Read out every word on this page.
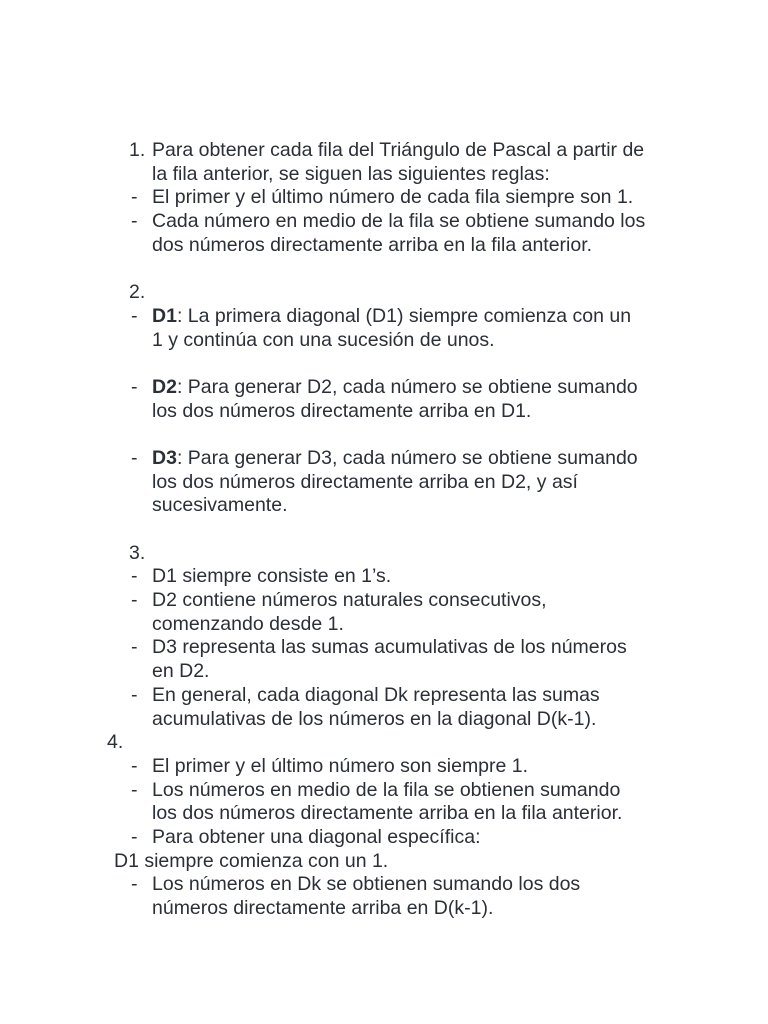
1. Para obtener cada fila del Triángulo de Pascal a partir de
la fila anterior, se siguen las siguientes reglas:
- El primer y el último número de cada fila siempre son 1.
- Cada número en medio de la fila se obtiene sumando los
dos números directamente arriba en la fila anterior.
2.
- D1: La primera diagonal (D1) siempre comienza con un
1 y continúa con una sucesión de unos.
- D2: Para generar D2, cada número se obtiene sumando
los dos números directamente arriba en D1.
- D3: Para generar D3, cada número se obtiene sumando
los dos números directamente arriba en D2, y así
sucesivamente.
3.
- D1 siempre consiste en 1’s.
- D2 contiene números naturales consecutivos,
comenzando desde 1.
- D3 representa las sumas acumulativas de los números
en D2.
- En general, cada diagonal Dk representa las sumas
acumulativas de los números en la diagonal D(k-1).
4.
- El primer y el último número son siempre 1.
- Los números en medio de la fila se obtienen sumando
los dos números directamente arriba en la fila anterior.
- Para obtener una diagonal específica:
D1 siempre comienza con un 1.
- Los números en Dk se obtienen sumando los dos
números directamente arriba en D(k-1).
